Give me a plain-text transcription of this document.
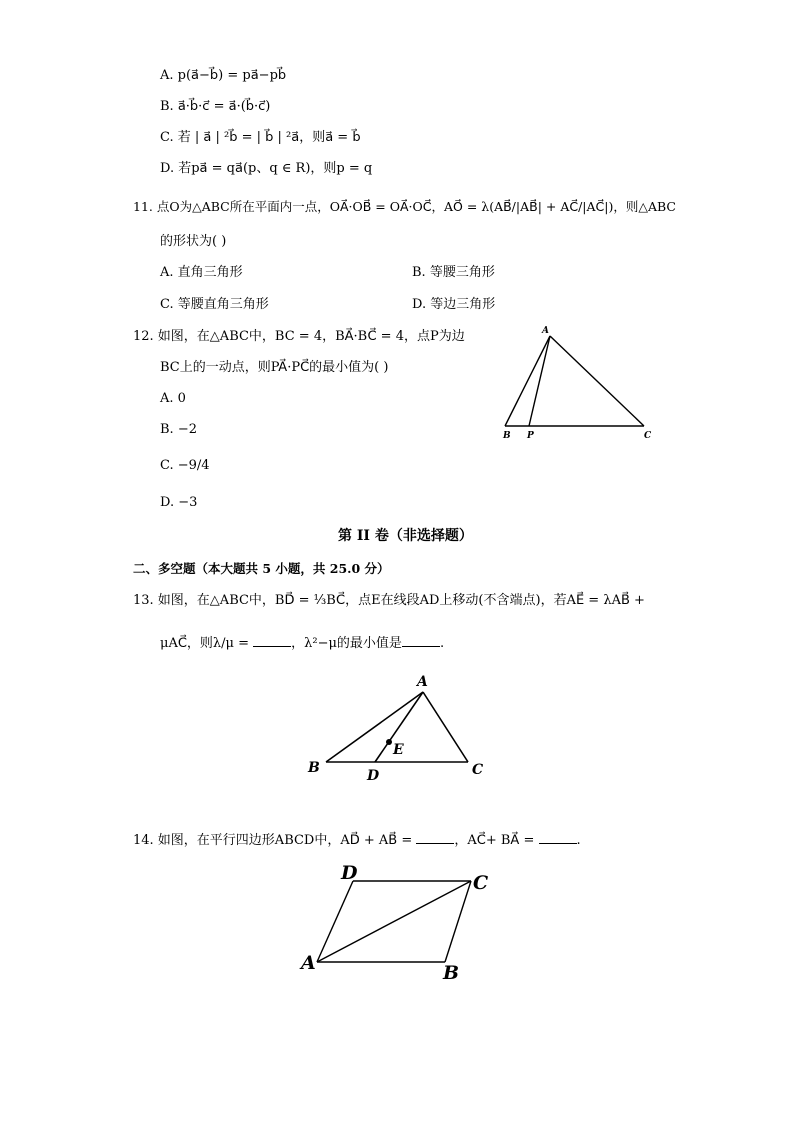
A. p(a⃗−b⃗) = pa⃗−pb⃗
B. a⃗·b⃗·c⃗ = a⃗·(b⃗·c⃗)
C. 若 | a⃗ | ²b⃗ = | b⃗ | ²a⃗，则a⃗ = b⃗
D. 若pa⃗ = qa⃗(p、q ∈ R)，则p = q
11. 点O为△ABC所在平面内一点，OA⃗·OB⃗ = OA⃗·OC⃗，AO⃗ = λ(AB⃗/|AB⃗| + AC⃗/|AC⃗|)，则△ABC
的形状为( )
A. 直角三角形	B. 等腰三角形
C. 等腰直角三角形	D. 等边三角形
12. 如图，在△ABC中，BC = 4，BA⃗·BC⃗ = 4，点P为边
BC上的一动点，则PA⃗·PC⃗的最小值为( )
A. 0
B. −2
C. −9/4
D. −3
A
B P	C
第 II 卷（非选择题）
二、多空题（本大题共 5 小题，共 25.0 分）
13. 如图，在△ABC中，BD⃗ = ⅓BC⃗，点E在线段AD上移动(不含端点)，若AE⃗ = λAB⃗ +
μAC⃗，则λ/μ =	，λ²−μ的最小值是	.
A
B	C
D
E
14. 如图，在平行四边形ABCD中，AD⃗ + AB⃗ =	，AC⃗+ BA⃗ =	.
D	C
A	B
